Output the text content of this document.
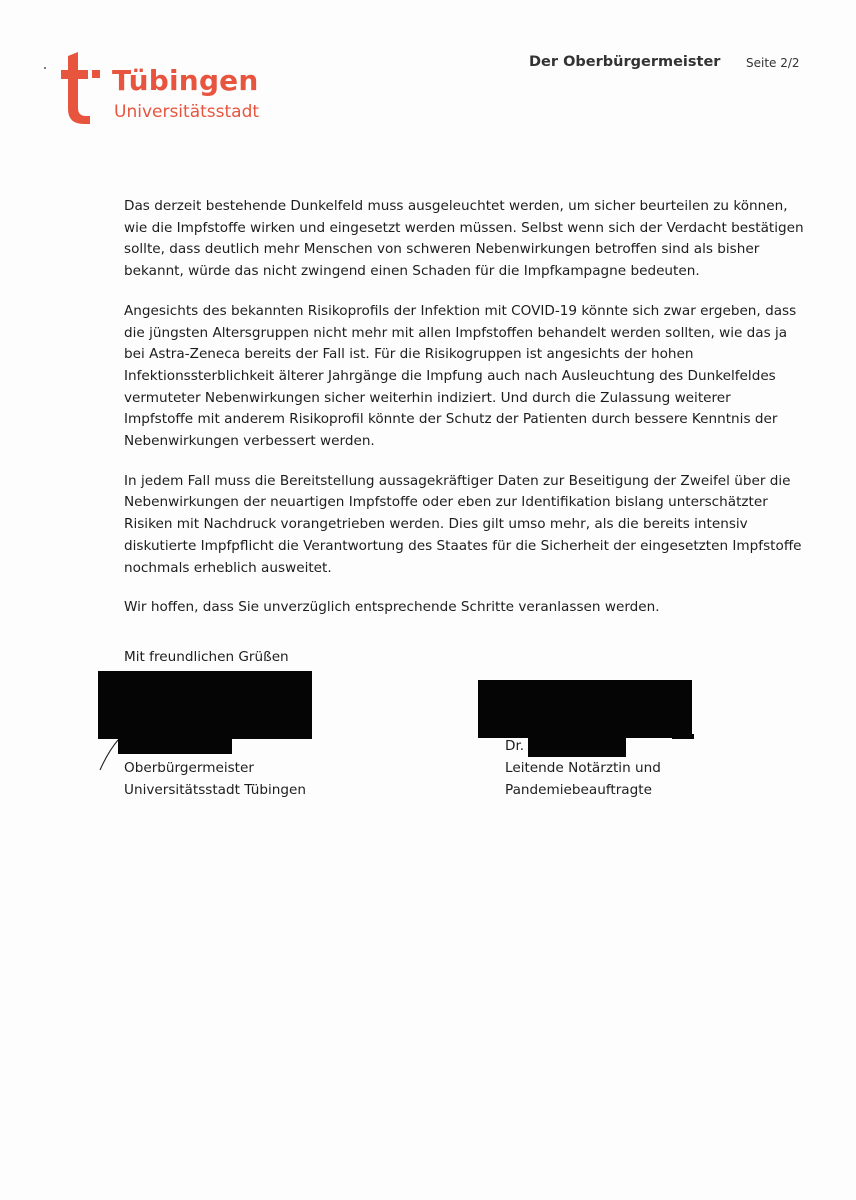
Tübingen
Universitätsstadt
Der Oberbürgermeister Seite 2/2

Das derzeit bestehende Dunkelfeld muss ausgeleuchtet werden, um sicher beurteilen zu können,
wie die Impfstoffe wirken und eingesetzt werden müssen. Selbst wenn sich der Verdacht bestätigen
sollte, dass deutlich mehr Menschen von schweren Nebenwirkungen betroffen sind als bisher
bekannt, würde das nicht zwingend einen Schaden für die Impfkampagne bedeuten.

Angesichts des bekannten Risikoprofils der Infektion mit COVID-19 könnte sich zwar ergeben, dass
die jüngsten Altersgruppen nicht mehr mit allen Impfstoffen behandelt werden sollten, wie das ja
bei Astra-Zeneca bereits der Fall ist. Für die Risikogruppen ist angesichts der hohen
Infektionssterblichkeit älterer Jahrgänge die Impfung auch nach Ausleuchtung des Dunkelfeldes
vermuteter Nebenwirkungen sicher weiterhin indiziert. Und durch die Zulassung weiterer
Impfstoffe mit anderem Risikoprofil könnte der Schutz der Patienten durch bessere Kenntnis der
Nebenwirkungen verbessert werden.

In jedem Fall muss die Bereitstellung aussagekräftiger Daten zur Beseitigung der Zweifel über die
Nebenwirkungen der neuartigen Impfstoffe oder eben zur Identifikation bislang unterschätzter
Risiken mit Nachdruck vorangetrieben werden. Dies gilt umso mehr, als die bereits intensiv
diskutierte Impfpflicht die Verantwortung des Staates für die Sicherheit der eingesetzten Impfstoffe
nochmals erheblich ausweitet.

Wir hoffen, dass Sie unverzüglich entsprechende Schritte veranlassen werden.

Mit freundlichen Grüßen
Oberbürgermeister
Universitätsstadt Tübingen
Dr.
Leitende Notärztin und
Pandemiebeauftragte
